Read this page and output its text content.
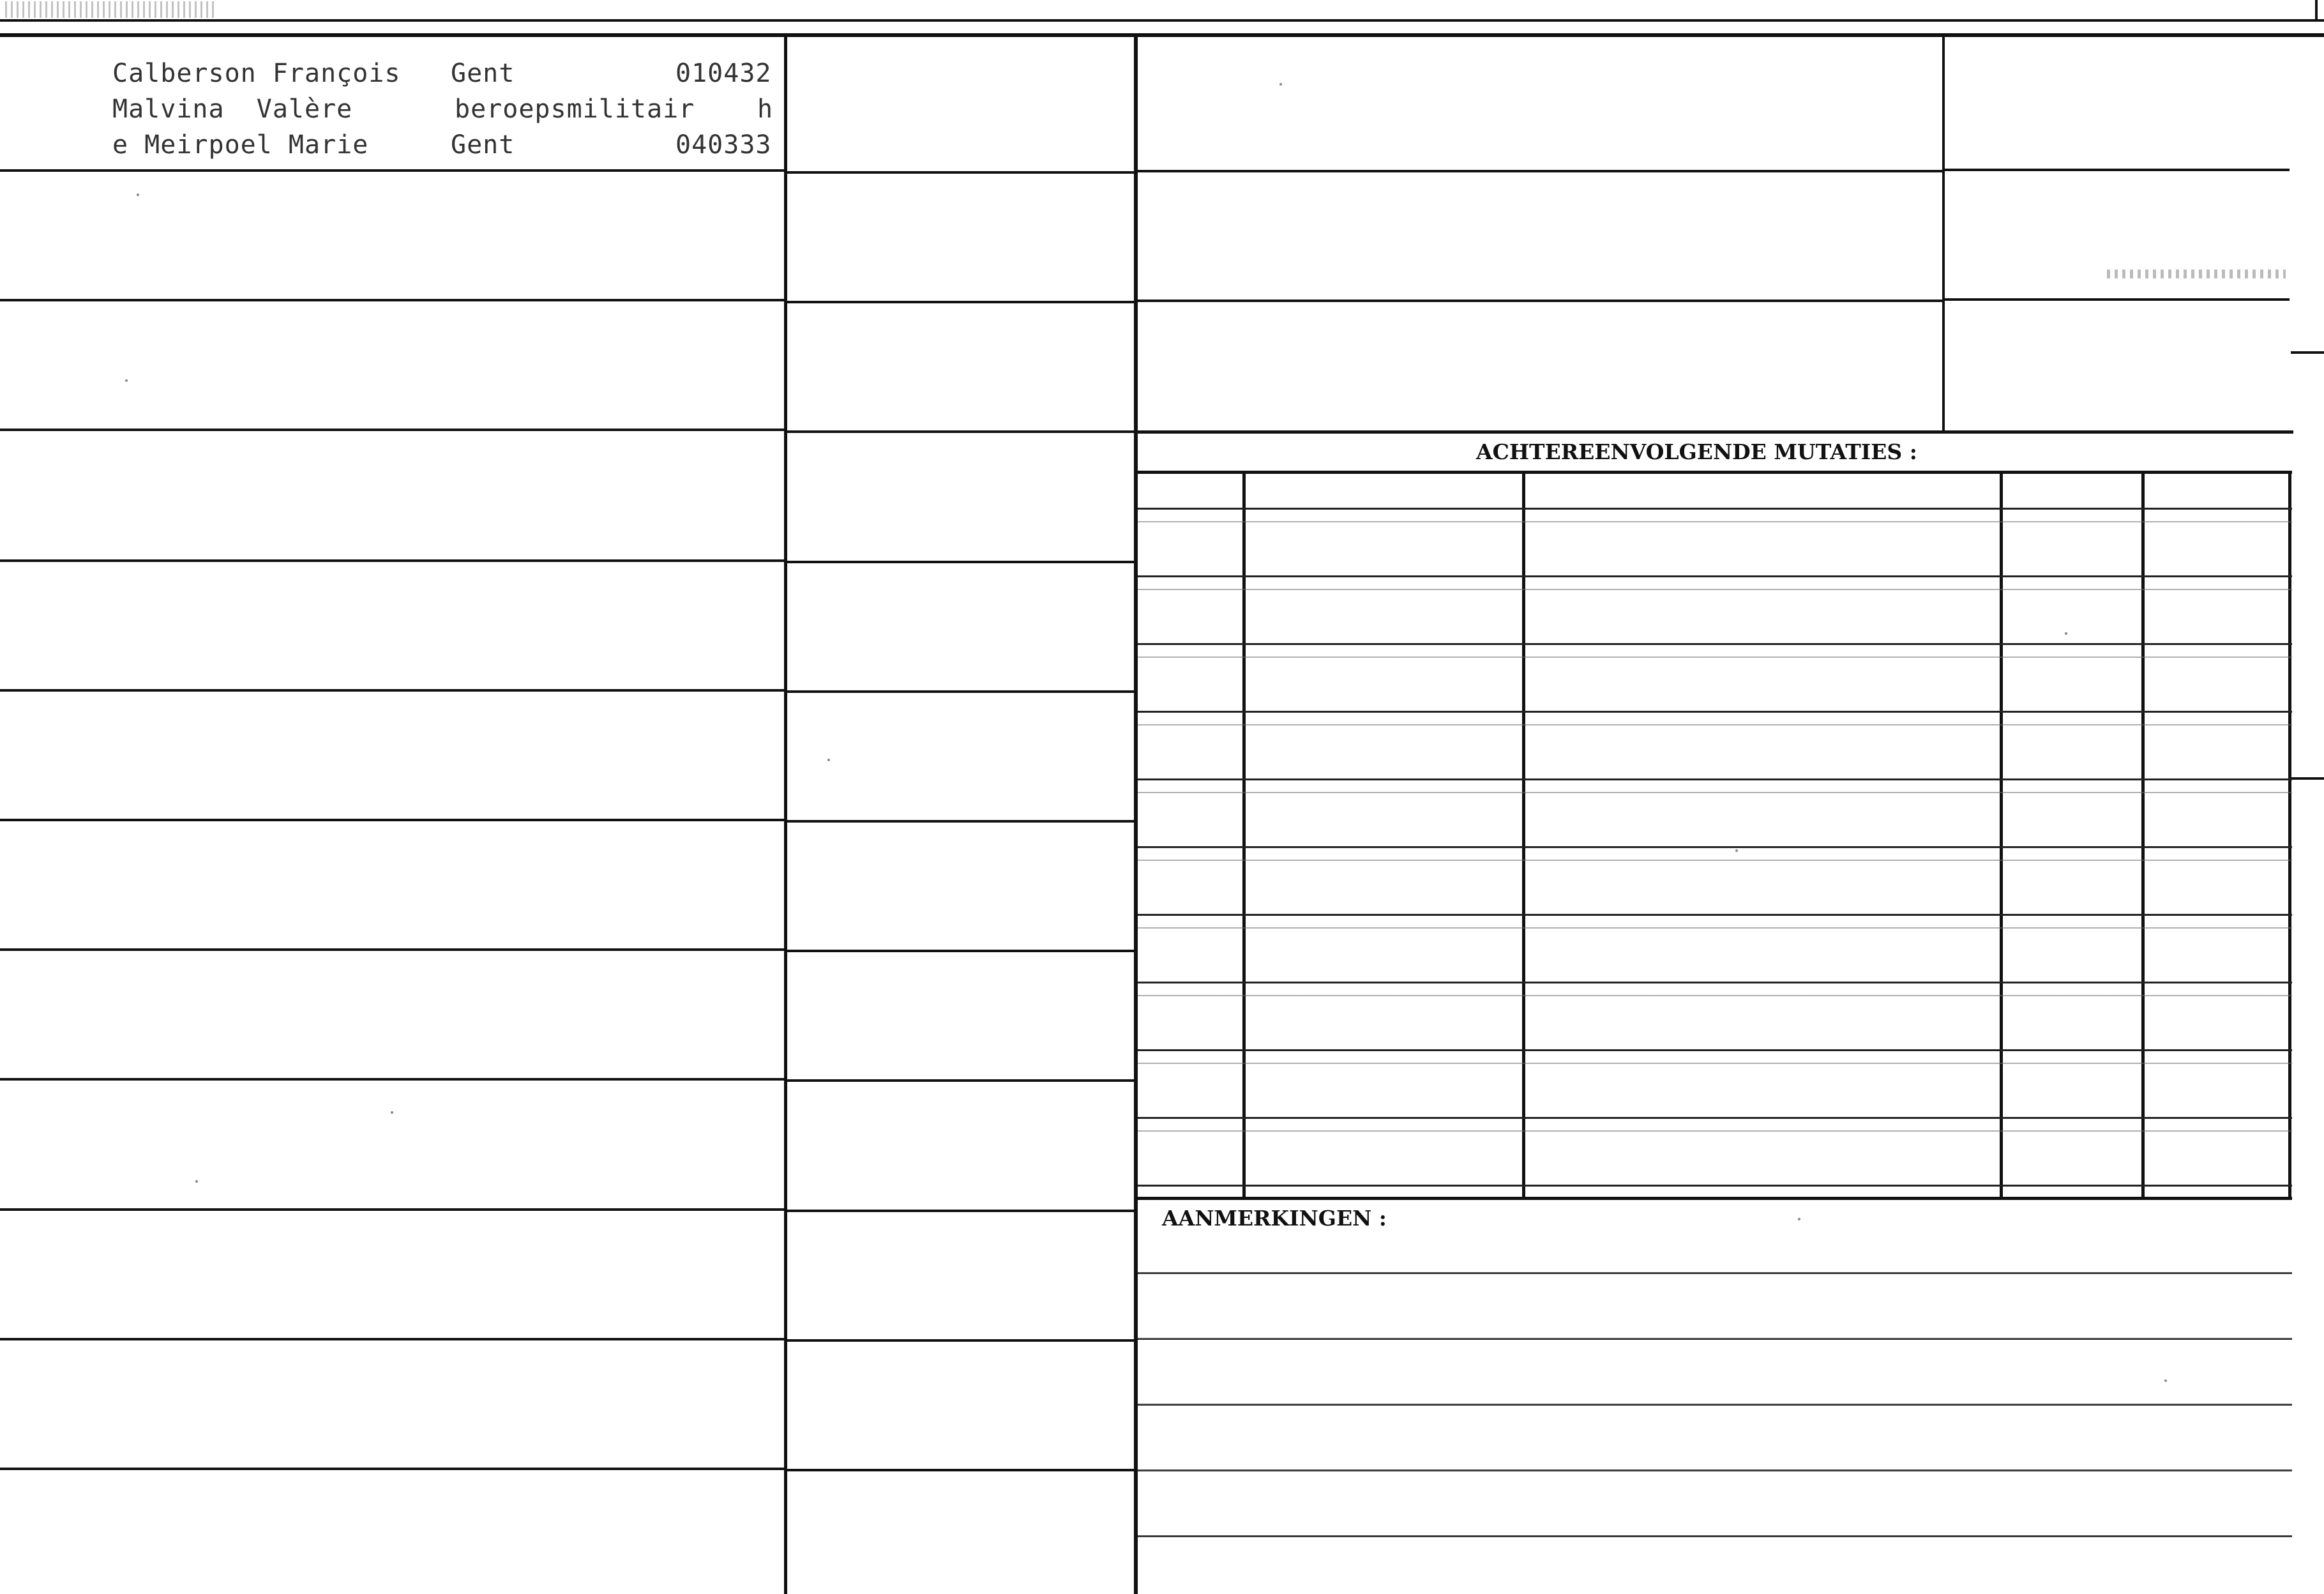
ACHTEREENVOLGENDE MUTATIES :
AANMERKINGEN :
Calberson François
Malvina  Valère
e Meirpoel Marie
Gent
beroepsmilitair
Gent
010432
h
040333
